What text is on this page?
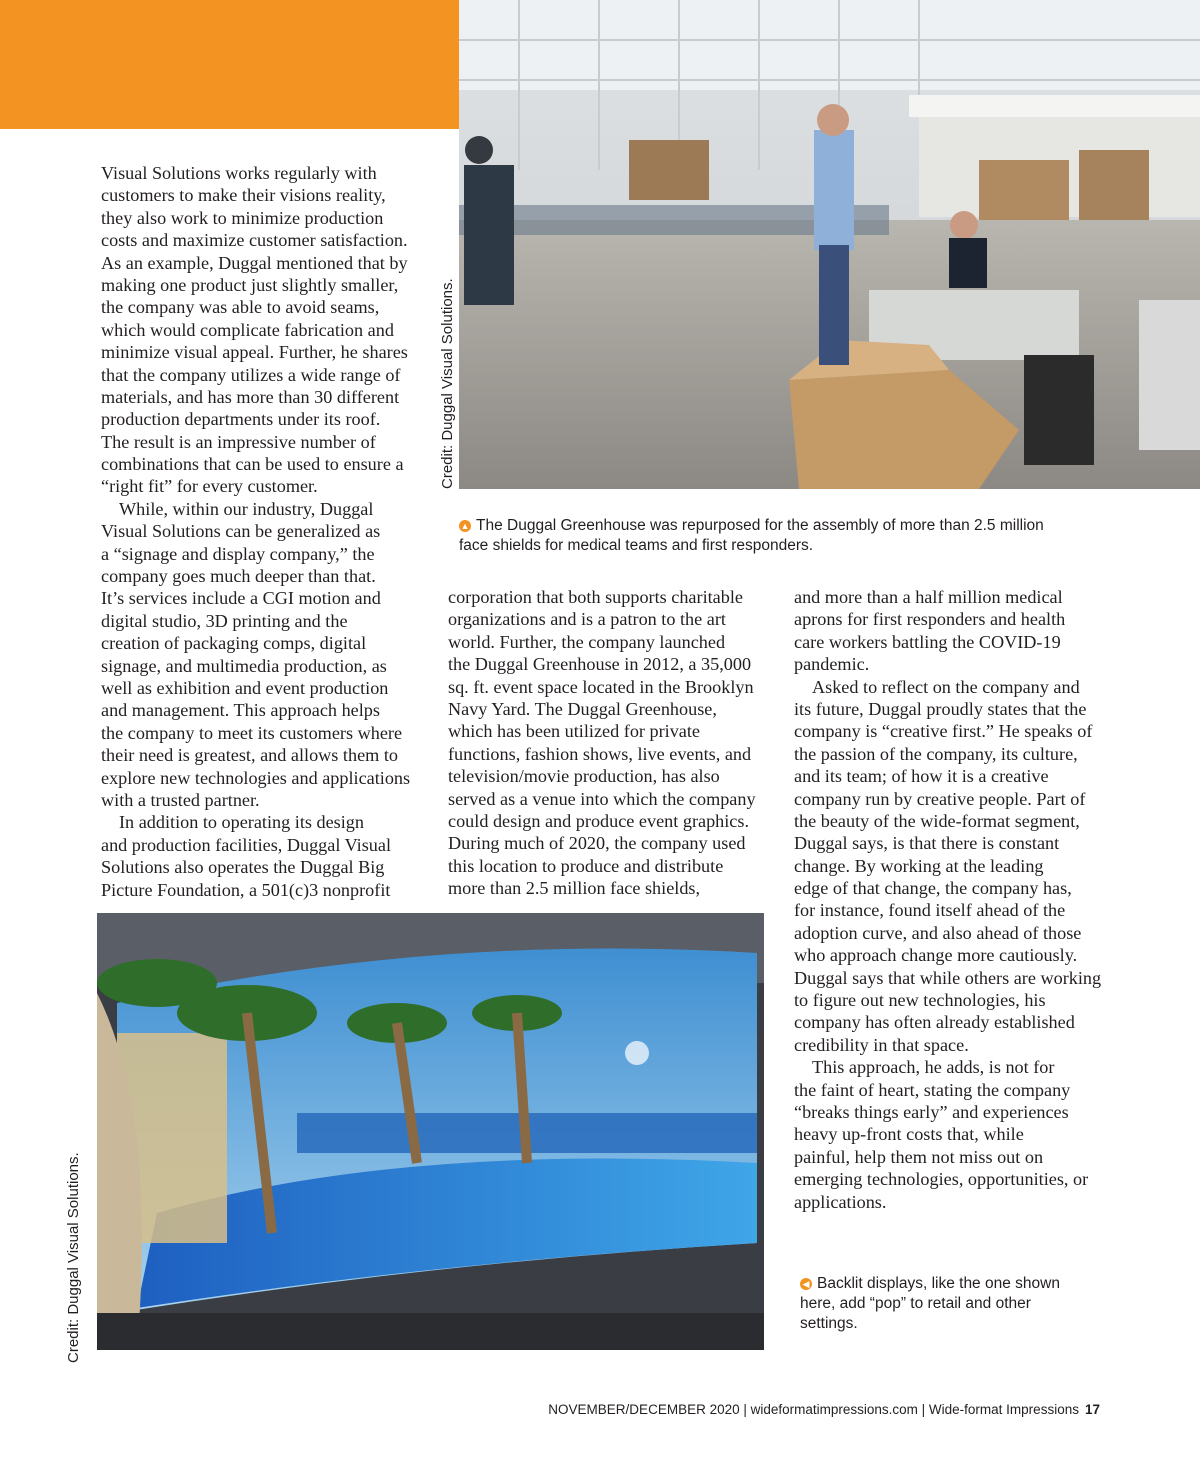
Credit: Duggal Visual Solutions.
▲ The Duggal Greenhouse was repurposed for the assembly of more than 2.5 million face shields for medical teams and first responders.
Visual Solutions works regularly with
customers to make their visions reality,
they also work to minimize production
costs and maximize customer satisfaction.
As an example, Duggal mentioned that by
making one product just slightly smaller,
the company was able to avoid seams,
which would complicate fabrication and
minimize visual appeal. Further, he shares
that the company utilizes a wide range of
materials, and has more than 30 different
production departments under its roof.
The result is an impressive number of
combinations that can be used to ensure a
“right fit” for every customer.
While, within our industry, Duggal
Visual Solutions can be generalized as
a “signage and display company,” the
company goes much deeper than that.
It’s services include a CGI motion and
digital studio, 3D printing and the
creation of packaging comps, digital
signage, and multimedia production, as
well as exhibition and event production
and management. This approach helps
the company to meet its customers where
their need is greatest, and allows them to
explore new technologies and applications
with a trusted partner.
In addition to operating its design
and production facilities, Duggal Visual
Solutions also operates the Duggal Big
Picture Foundation, a 501(c)3 nonprofit
corporation that both supports charitable
organizations and is a patron to the art
world. Further, the company launched
the Duggal Greenhouse in 2012, a 35,000
sq. ft. event space located in the Brooklyn
Navy Yard. The Duggal Greenhouse,
which has been utilized for private
functions, fashion shows, live events, and
television/movie production, has also
served as a venue into which the company
could design and produce event graphics.
During much of 2020, the company used
this location to produce and distribute
more than 2.5 million face shields,
and more than a half million medical
aprons for first responders and health
care workers battling the COVID-19
pandemic.
Asked to reflect on the company and
its future, Duggal proudly states that the
company is “creative first.” He speaks of
the passion of the company, its culture,
and its team; of how it is a creative
company run by creative people. Part of
the beauty of the wide-format segment,
Duggal says, is that there is constant
change. By working at the leading
edge of that change, the company has,
for instance, found itself ahead of the
adoption curve, and also ahead of those
who approach change more cautiously.
Duggal says that while others are working
to figure out new technologies, his
company has often already established
credibility in that space.
This approach, he adds, is not for
the faint of heart, stating the company
“breaks things early” and experiences
heavy up-front costs that, while
painful, help them not miss out on
emerging technologies, opportunities, or
applications.
Credit: Duggal Visual Solutions.	◀ Backlit displays, like the one shown
here, add “pop” to retail and other
settings.
NOVEMBER/DECEMBER 2020 | wideformatimpressions.com | Wide-format Impressions 17
